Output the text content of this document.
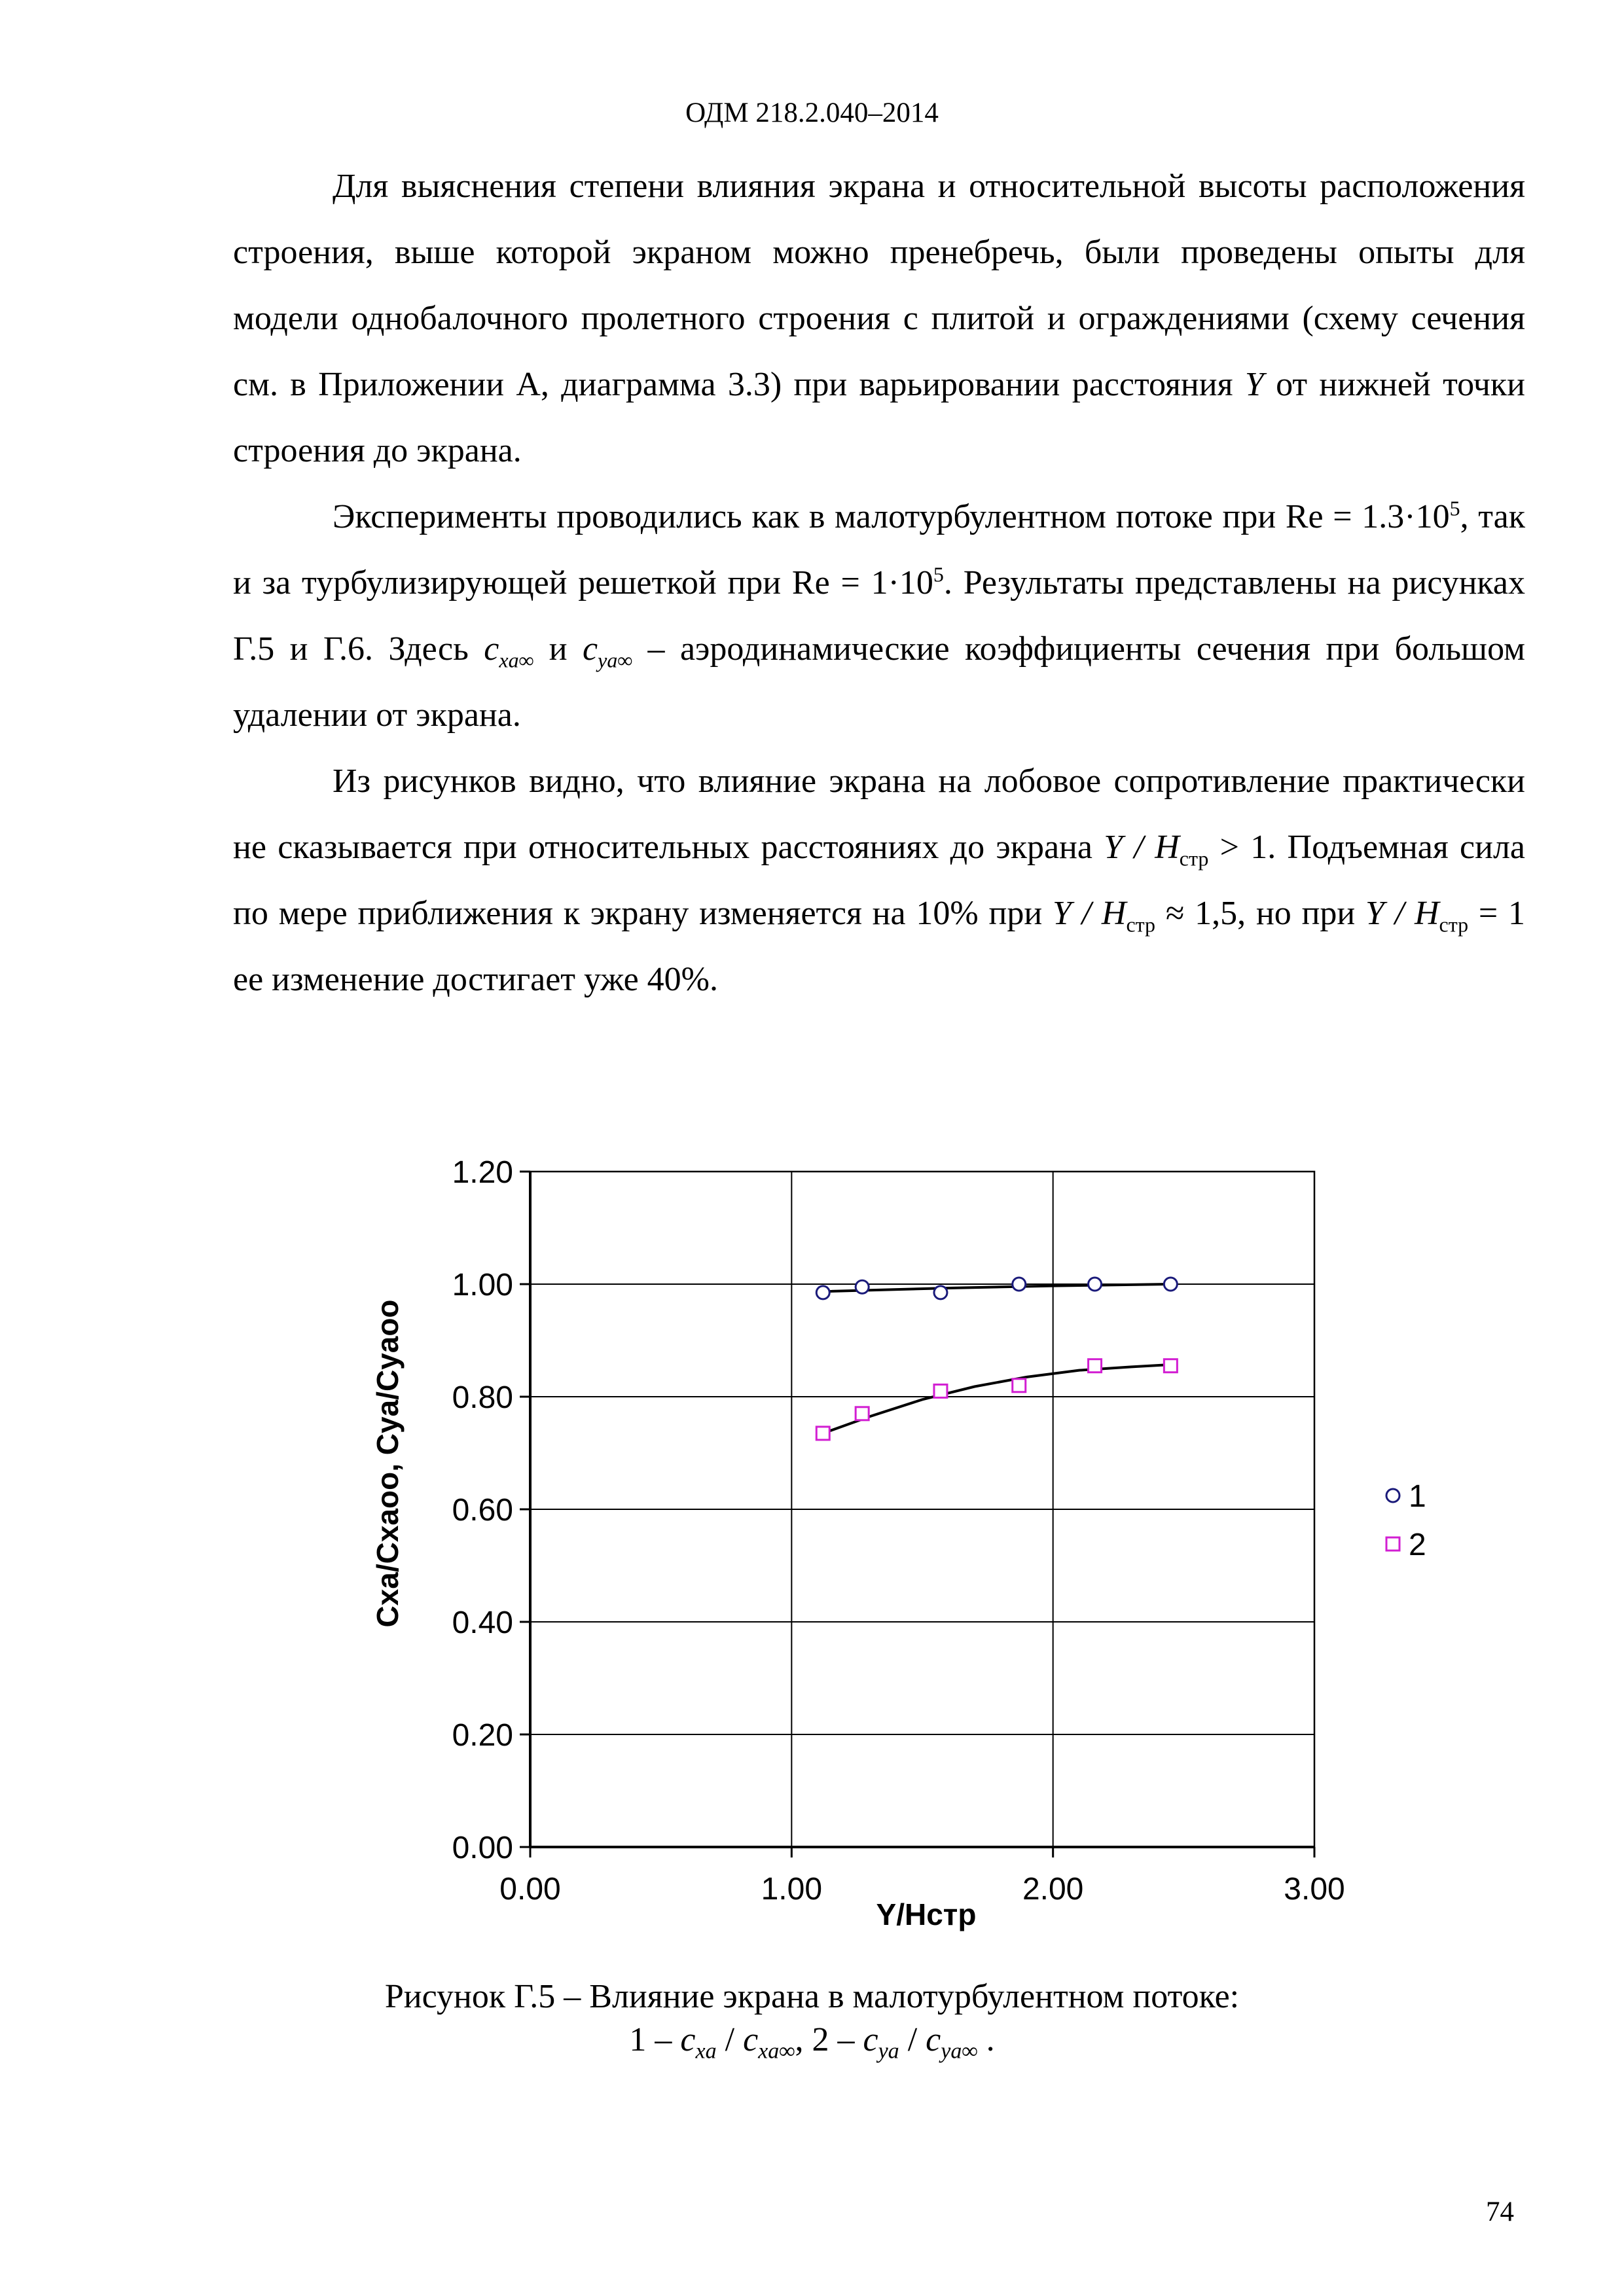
ОДМ 218.2.040–2014

Для выяснения степени влияния экрана и относительной высоты расположения строения, выше которой экраном можно пренебречь, были проведены опыты для модели однобалочного пролетного строения с плитой и ограждениями (схему сечения см. в Приложении А, диаграмма 3.3) при варьировании расстояния Y от нижней точки строения до экрана.

Эксперименты проводились как в малотурбулентном потоке при $Re = 1.3\cdot 10^5$, так и за турбулизирующей решеткой при $Re = 1\cdot 10^5$. Результаты представлены на рисунках Г.5 и Г.6. Здесь $c_{xa\infty}$ и $c_{ya\infty}$ – аэродинамические коэффициенты сечения при большом удалении от экрана.

Из рисунков видно, что влияние экрана на лобовое сопротивление практически не сказывается при относительных расстояниях до экрана $Y / H_{стр} > 1$. Подъемная сила по мере приближения к экрану изменяется на 10% при $Y / H_{стр} \approx 1,5$, но при $Y / H_{стр} = 1$ ее изменение достигает уже 40%.

0.00
0.20
0.40
0.60
0.80
1.00
1.20
0.00	1.00	2.00	3.00
Y/Нстр
Cxa/Cxaoo, Cya/Cyaoo	1
2
Рисунок Г.5 – Влияние экрана в малотурбулентном потоке:
$1 - c_{xa} / c_{xa\infty}$, $2 - c_{ya} / c_{ya\infty}$ .
74
